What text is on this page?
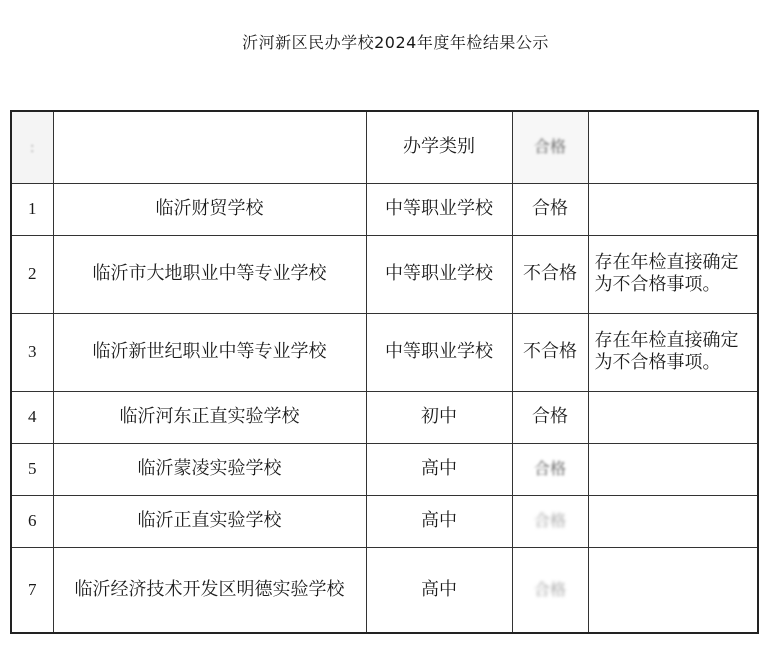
沂河新区民办学校2024年度年检结果公示
:		办学类别	合格	
1	临沂财贸学校	中等职业学校	合格	
2	临沂市大地职业中等专业学校	中等职业学校	不合格	存在年检直接确定为不合格事项。
3	临沂新世纪职业中等专业学校	中等职业学校	不合格	存在年检直接确定为不合格事项。
4	临沂河东正直实验学校	初中	合格	
5	临沂蒙凌实验学校	高中	合格	
6	临沂正直实验学校	高中	合格	
7	临沂经济技术开发区明德实验学校	高中	合格	
